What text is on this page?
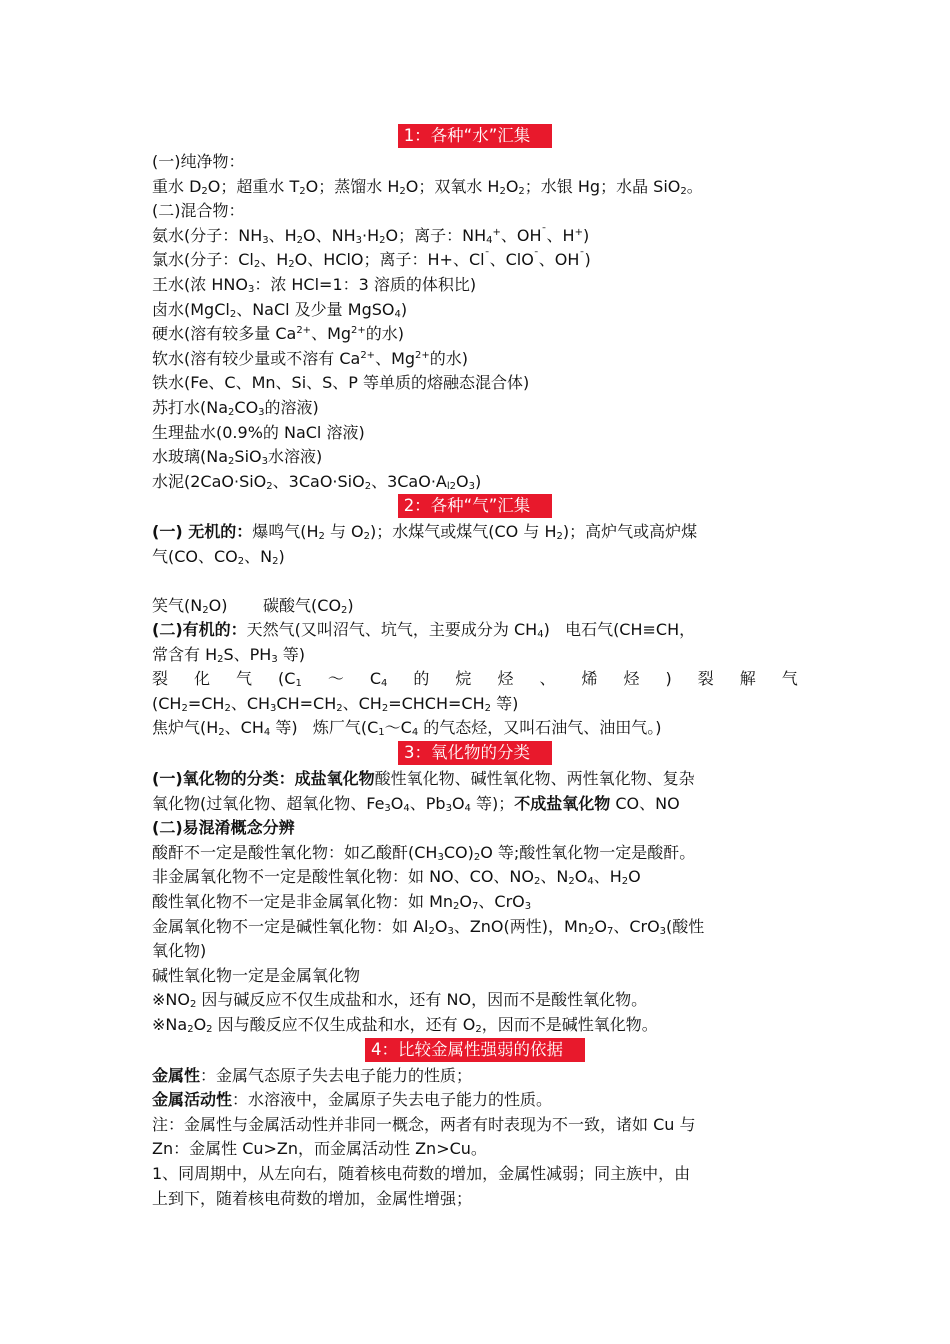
1：各种“水”汇集

(一)纯净物：

重水 $D_2O$；超重水 $T_2O$；蒸馏水 $H_2O$；双氧水 $H_2O_2$；水银 Hg；水晶 SiO$_2$。

(二)混合物：

氨水(分子：$NH_3$、$H_2O$、$NH_3\cdot H_2O$；离子：$NH_4^+$、OH¯、H+)

氯水(分子：$Cl_2$、$H_2O$、HClO；离子：H+、Cl¯、ClO¯、OH¯)

王水(浓 $HNO_3$：浓 HCl=1：3 溶质的体积比)

卤水(MgCl$_2$、NaCl 及少量 MgSO$_4$)

硬水(溶有较多量 $Ca^{2+}$、$Mg^{2+}$的水)

软水(溶有较少量或不溶有 $Ca^{2+}$、$Mg^{2+}$的水)

铁水(Fe、C、Mn、Si、S、P 等单质的熔融态混合体)

苏打水($Na_2CO_3$的溶液)

生理盐水(0.9%的 NaCl 溶液)

水玻璃($Na_2SiO_3$水溶液)

水泥(2CaO·SiO$_2$、3CaO·SiO$_2$、$3CaO\cdot A_{l2}O_3$)

2：各种“气”汇集

(一) 无机的：爆鸣气($H_2$ 与 $O_2$)；水煤气或煤气(CO 与 $H_2$)；高炉气或高炉煤

气(CO、$CO_2$、$N_2$)

笑气$(N_2O)$       碳酸气$(CO_2)$

(二)有机的：天然气(又叫沼气、坑气，主要成分为 $CH_4$)   电石气(CH≡CH，

常含有 $H_2S$、$PH_3$ 等)

裂 化 气 ($C_1$ ～ $C_4$ 的 烷 烃 、 烯 烃 ) 裂 解 气

($CH_2=CH_2$、$CH_3CH=CH_2$、$CH_2=CHCH=CH_2$ 等)

焦炉气($H_2$、$CH_4$ 等)   炼厂气($C_1\sim C_4$ 的气态烃，又叫石油气、油田气。)

3：氧化物的分类

(一)氧化物的分类：成盐氧化物酸性氧化物、碱性氧化物、两性氧化物、复杂

氧化物(过氧化物、超氧化物、$Fe_3O_4$、$Pb_3O_4$ 等)；不成盐氧化物 CO、NO

(二)易混淆概念分辨

酸酐不一定是酸性氧化物：如乙酸酐$(CH_3CO)_2O$ 等;酸性氧化物一定是酸酐。

非金属氧化物不一定是酸性氧化物：如 NO、CO、$NO_2$、$N_2O_4$、$H_2O$

酸性氧化物不一定是非金属氧化物：如 $Mn_2O_7$、CrO$_3$

金属氧化物不一定是碱性氧化物：如 $Al_2O_3$、ZnO(两性)，$Mn_2O_7$、CrO$_3$(酸性

氧化物)

碱性氧化物一定是金属氧化物

$※NO_2$ 因与碱反应不仅生成盐和水，还有 NO，因而不是酸性氧化物。

$※Na_2O_2$ 因与酸反应不仅生成盐和水，还有 $O_2$，因而不是碱性氧化物。

4：比较金属性强弱的依据

金属性：金属气态原子失去电子能力的性质；

金属活动性：水溶液中，金属原子失去电子能力的性质。

注：金属性与金属活动性并非同一概念，两者有时表现为不一致，诸如 Cu 与

Zn：金属性 Cu>Zn，而金属活动性 Zn>Cu。

1、同周期中，从左向右，随着核电荷数的增加，金属性减弱；同主族中，由

上到下，随着核电荷数的增加，金属性增强；
